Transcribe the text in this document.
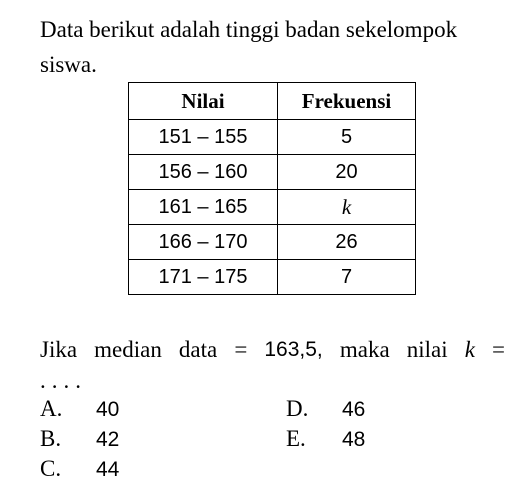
Data berikut adalah tinggi badan sekelompok siswa.
Nilai	Frekuensi
151 – 155	5
156 – 160	20
161 – 165	k
166 – 170	26
171 – 175	7
Jika median data = 163,5, maka nilai k =
....
A.	40
B.	42
C.	44
D.	46
E.	48
